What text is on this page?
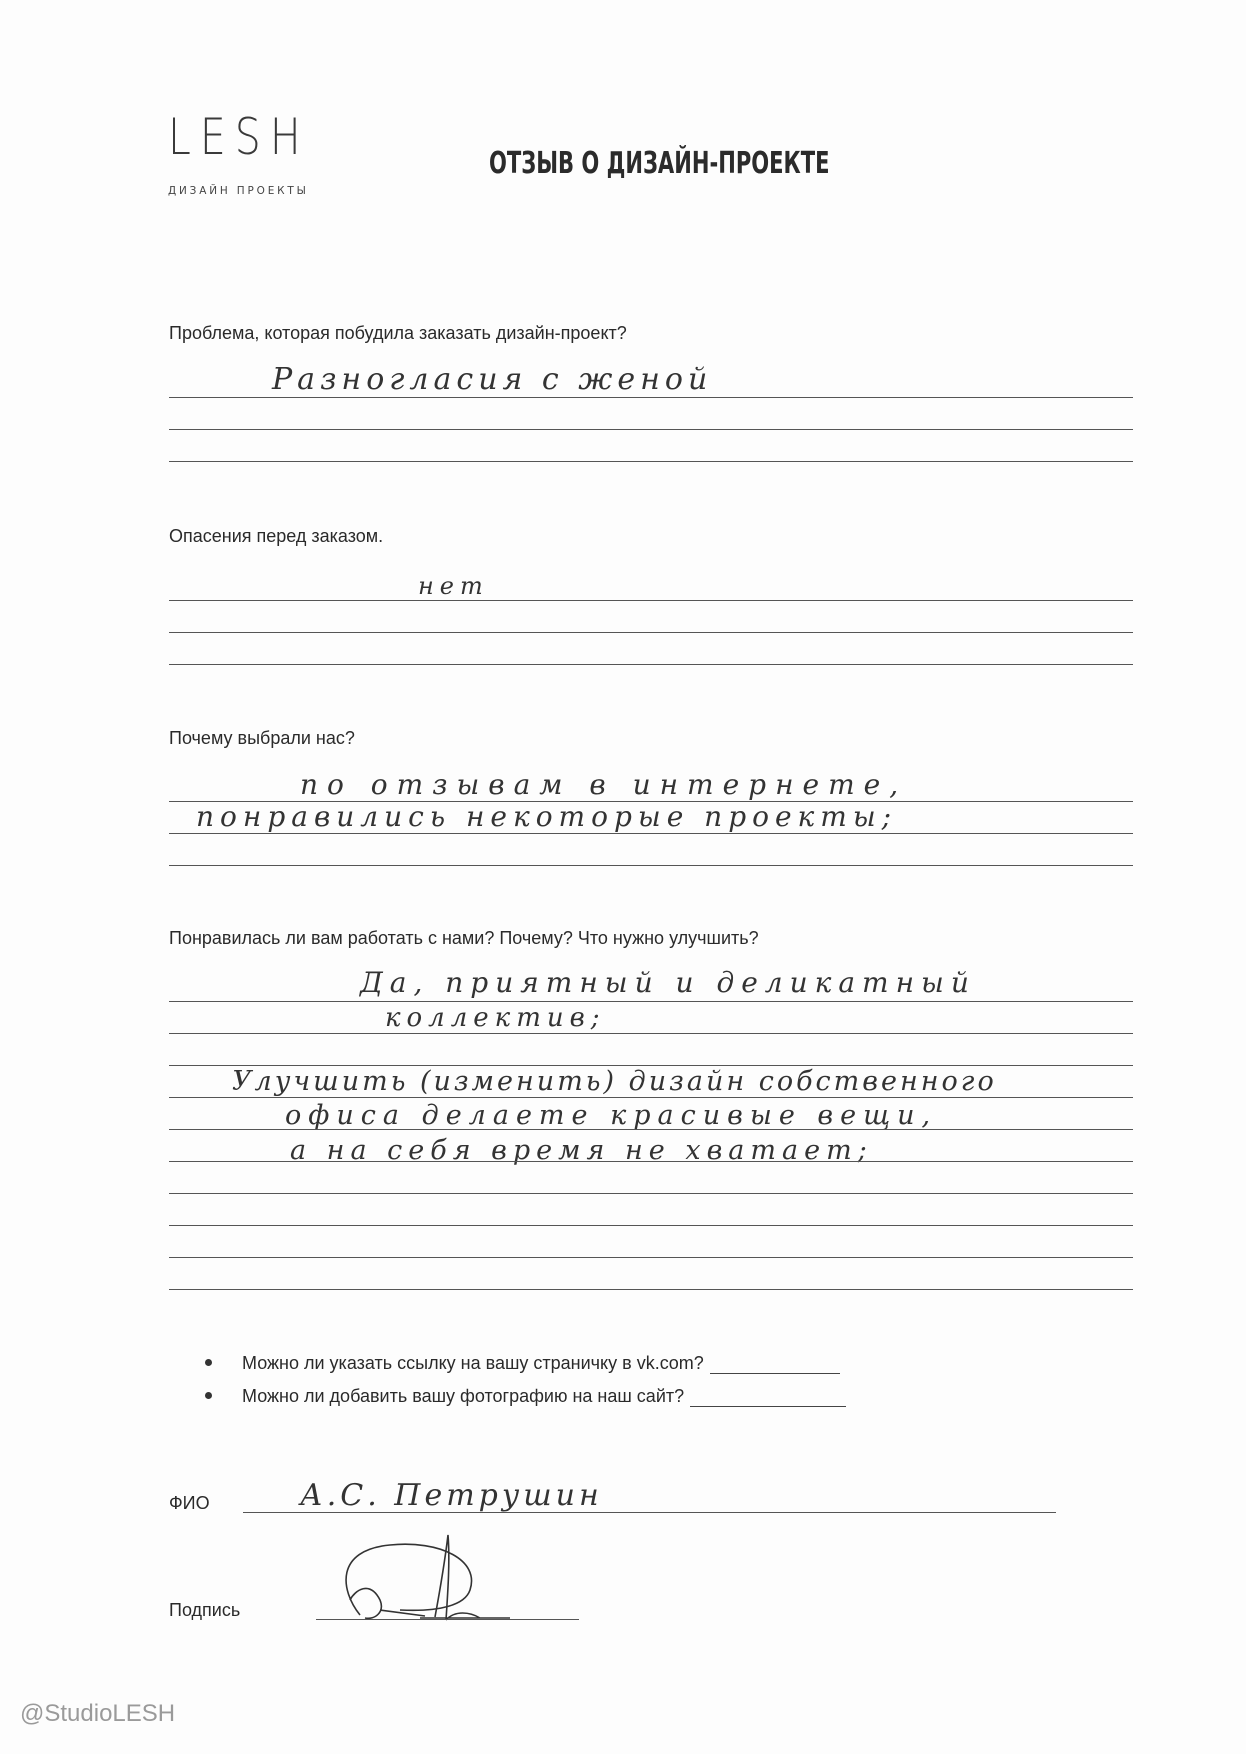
LESH
ДИЗАЙН ПРОЕКТЫ
ОТЗЫВ О ДИЗАЙН-ПРОЕКТЕ
Проблема, которая побудила заказать дизайн-проект?
Разногласия с женой
Опасения перед заказом.
нет
Почему выбрали нас?
по отзывам в интернете,
понравились некоторые проекты;
Понравилась ли вам работать с нами? Почему? Что нужно улучшить?
Да, приятный и деликатный
коллектив;
Улучшить (изменить) дизайн собственного
офиса делаете красивые вещи,
а на себя время не хватает;
Можно ли указать ссылку на вашу страничку в vk.com?
Можно ли добавить вашу фотографию на наш сайт?
ФИО	А.С. Петрушин
Подпись
@StudioLESH
